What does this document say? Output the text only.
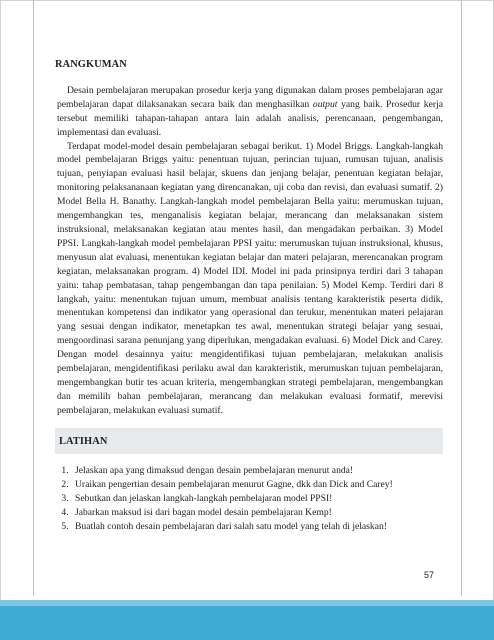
RANGKUMAN

Desain pembelajaran merupakan prosedur kerja yang digunakan dalam proses pembelajaran agar pembelajaran dapat dilaksanakan secara baik dan menghasilkan output yang baik. Prosedur kerja tersebut memiliki tahapan-tahapan antara lain adalah analisis, perencanaan, pengembangan, implementasi dan evaluasi.

Terdapat model-model desain pembelajaran sebagai berikut. 1) Model Briggs. Langkah-langkah model pembelajaran Briggs yaitu: penentuan tujuan, perincian tujuan, rumusan tujuan, analisis tujuan, penyiapan evaluasi hasil belajar, skuens dan jenjang belajar, penentuan kegiatan belajar, monitoring pelaksananaan kegiatan yang direncanakan, uji coba dan revisi, dan evaluasi sumatif. 2) Model Bella H. Banathy. Langkah-langkah model pembelajaran Bella yaitu: merumuskan tujuan, mengembangkan tes, menganalisis kegiatan belajar, merancang dan melaksanakan sistem instruksional, melaksanakan kegiatan atau mentes hasil, dan mengadakan perbaikan. 3) Model PPSI. Langkah-langkah model pembelajaran PPSI yaitu: merumuskan tujuan instruksional, khusus, menyusun alat evaluasi, menentukan kegiatan belajar dan materi pelajaran, merencanakan program kegiatan, melaksanakan program. 4) Model IDI. Model ini pada prinsipnya terdiri dari 3 tahapan yaitu: tahap pembatasan, tahap pengembangan dan tapa penilaian. 5) Model Kemp. Terdiri dari 8 langkah, yaitu: menentukan tujuan umum, membuat analisis tentang karakteristik peserta didik, menentukan kompetensi dan indikator yang operasional dan terukur, menentukan materi pelajaran yang sesuai dengan indikator, menetapkan tes awal, menentukan strategi belajar yang sesuai, mengoordinasi sarana penunjang yang diperlukan, mengadakan evaluasi. 6) Model Dick and Carey. Dengan model desainnya yaitu: mengidentifikasi tujuan pembelajaran, melakukan analisis pembelajaran, mengidentifikasi perilaku awal dan karakteristik, merumuskan tujuan pembelajaran, mengembangkan butir tes acuan kriteria, mengembangkan strategi pembelajaran, mengembangkan dan memilih bahan pembelajaran, merancang dan melakukan evaluasi formatif, merevisi pembelajaran, melakukan evaluasi sumatif.

LATIHAN
1. Jelaskan apa yang dimaksud dengan desain pembelajaran menurut anda!
2. Uraikan pengertian desain pembelajaran menurut Gagne, dkk dan Dick and Carey!
3. Sebutkan dan jelaskan langkah-langkah pembelajaran model PPSI!
4. Jabarkan maksud isi dari bagan model desain pembelajaran Kemp!
5. Buatlah contoh desain pembelajaran dari salah satu model yang telah di jelaskan!
57
